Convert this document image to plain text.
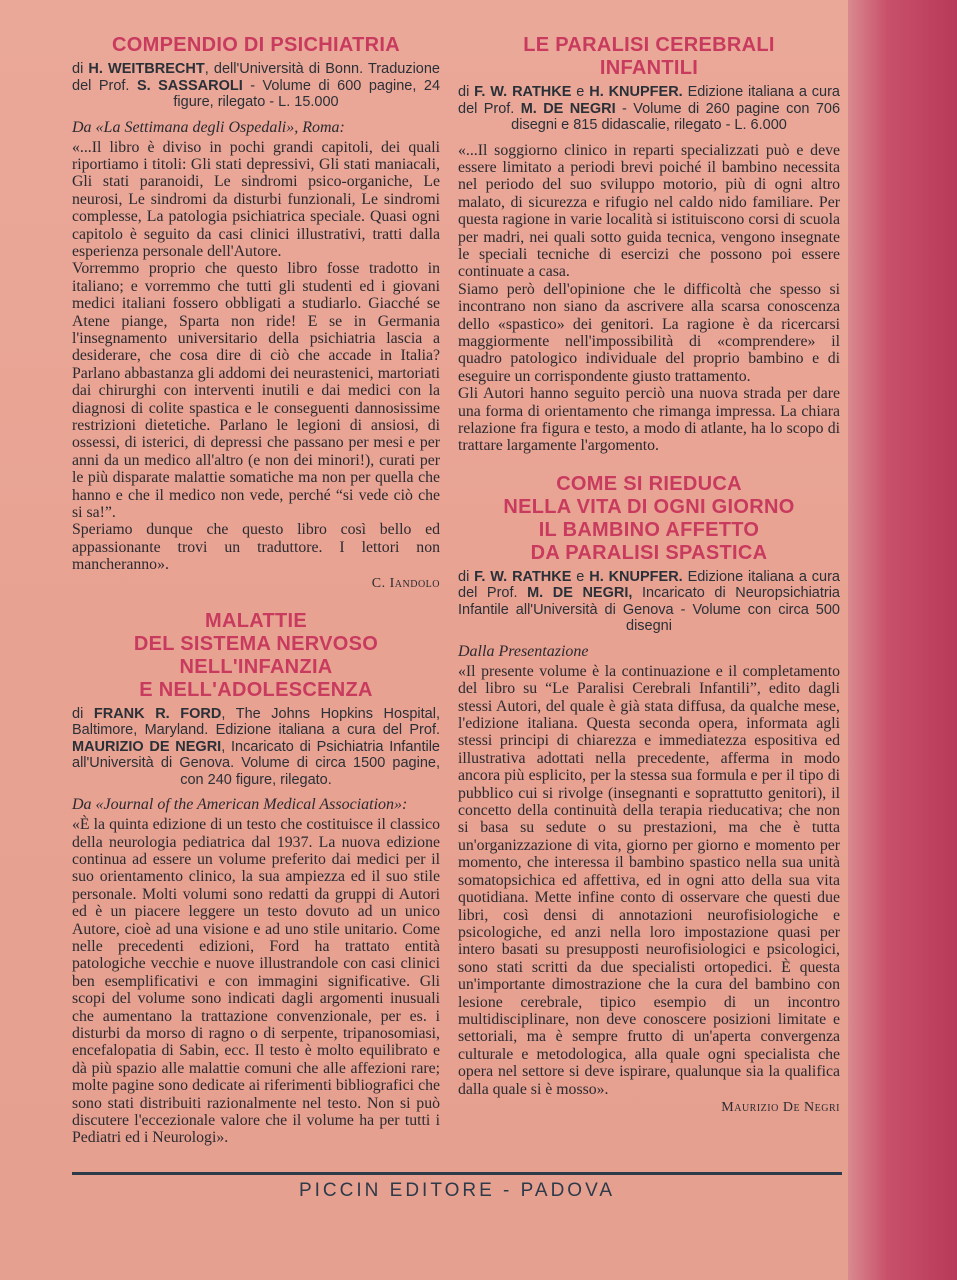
COMPENDIO DI PSICHIATRIA
di H. WEITBRECHT, dell'Università di Bonn. Traduzione del Prof. S. SASSAROLI - Volume di 600 pagine, 24 figure, rilegato - L. 15.000
Da «La Settimana degli Ospedali», Roma:

«...Il libro è diviso in pochi grandi capitoli, dei quali riportiamo i titoli: Gli stati depressivi, Gli stati maniacali, Gli stati paranoidi, Le sindromi psico-organiche, Le neurosi, Le sindromi da disturbi funzionali, Le sindromi complesse, La patologia psichiatrica speciale. Quasi ogni capitolo è seguito da casi clinici illustrativi, tratti dalla esperienza personale dell'Autore.

Vorremmo proprio che questo libro fosse tradotto in italiano; e vorremmo che tutti gli studenti ed i giovani medici italiani fossero obbligati a studiarlo. Giacché se Atene piange, Sparta non ride! E se in Germania l'insegnamento universitario della psichiatria lascia a desiderare, che cosa dire di ciò che accade in Italia? Parlano abbastanza gli addomi dei neurastenici, martoriati dai chirurghi con interventi inutili e dai medici con la diagnosi di colite spastica e le conseguenti dannosissime restrizioni dietetiche. Parlano le legioni di ansiosi, di ossessi, di isterici, di depressi che passano per mesi e per anni da un medico all'altro (e non dei minori!), curati per le più disparate malattie somatiche ma non per quella che hanno e che il medico non vede, perché “si vede ciò che si sa!”.

Speriamo dunque che questo libro così bello ed appassionante trovi un traduttore. I lettori non mancheranno».

C. Iandolo
MALATTIE
DEL SISTEMA NERVOSO
NELL'INFANZIA
E NELL'ADOLESCENZA
di FRANK R. FORD, The Johns Hopkins Hospital, Baltimore, Maryland. Edizione italiana a cura del Prof. MAURIZIO DE NEGRI, Incaricato di Psichiatria Infantile all'Università di Genova. Volume di circa 1500 pagine, con 240 figure, rilegato.
Da «Journal of the American Medical Association»:

«È la quinta edizione di un testo che costituisce il classico della neurologia pediatrica dal 1937. La nuova edizione continua ad essere un volume preferito dai medici per il suo orientamento clinico, la sua ampiezza ed il suo stile personale. Molti volumi sono redatti da gruppi di Autori ed è un piacere leggere un testo dovuto ad un unico Autore, cioè ad una visione e ad uno stile unitario. Come nelle precedenti edizioni, Ford ha trattato entità patologiche vecchie e nuove illustrandole con casi clinici ben esemplificativi e con immagini significative. Gli scopi del volume sono indicati dagli argomenti inusuali che aumentano la trattazione convenzionale, per es. i disturbi da morso di ragno o di serpente, tripanosomiasi, encefalopatia di Sabin, ecc. Il testo è molto equilibrato e dà più spazio alle malattie comuni che alle affezioni rare; molte pagine sono dedicate ai riferimenti bibliografici che sono stati distribuiti razionalmente nel testo. Non si può discutere l'eccezionale valore che il volume ha per tutti i Pediatri ed i Neurologi».

LE PARALISI CEREBRALI
INFANTILI
di F. W. RATHKE e H. KNUPFER. Edizione italiana a cura del Prof. M. DE NEGRI - Volume di 260 pagine con 706 disegni e 815 didascalie, rilegato - L. 6.000

«...Il soggiorno clinico in reparti specializzati può e deve essere limitato a periodi brevi poiché il bambino necessita nel periodo del suo sviluppo motorio, più di ogni altro malato, di sicurezza e rifugio nel caldo nido familiare. Per questa ragione in varie località si istituiscono corsi di scuola per madri, nei quali sotto guida tecnica, vengono insegnate le speciali tecniche di esercizi che possono poi essere continuate a casa.

Siamo però dell'opinione che le difficoltà che spesso si incontrano non siano da ascrivere alla scarsa conoscenza dello «spastico» dei genitori. La ragione è da ricercarsi maggiormente nell'impossibilità di «comprendere» il quadro patologico individuale del proprio bambino e di eseguire un corrispondente giusto trattamento.

Gli Autori hanno seguito perciò una nuova strada per dare una forma di orientamento che rimanga impressa. La chiara relazione fra figura e testo, a modo di atlante, ha lo scopo di trattare largamente l'argomento.

COME SI RIEDUCA
NELLA VITA DI OGNI GIORNO
IL BAMBINO AFFETTO
DA PARALISI SPASTICA
di F. W. RATHKE e H. KNUPFER. Edizione italiana a cura del Prof. M. DE NEGRI, Incaricato di Neuropsichiatria Infantile all'Università di Genova - Volume con circa 500 disegni
Dalla Presentazione

«Il presente volume è la continuazione e il completamento del libro su “Le Paralisi Cerebrali Infantili”, edito dagli stessi Autori, del quale è già stata diffusa, da qualche mese, l'edizione italiana. Questa seconda opera, informata agli stessi principi di chiarezza e immediatezza espositiva ed illustrativa adottati nella precedente, afferma in modo ancora più esplicito, per la stessa sua formula e per il tipo di pubblico cui si rivolge (insegnanti e soprattutto genitori), il concetto della continuità della terapia rieducativa; che non si basa su sedute o su prestazioni, ma che è tutta un'organizzazione di vita, giorno per giorno e momento per momento, che interessa il bambino spastico nella sua unità somatopsichica ed affettiva, ed in ogni atto della sua vita quotidiana. Mette infine conto di osservare che questi due libri, così densi di annotazioni neurofisiologiche e psicologiche, ed anzi nella loro impostazione quasi per intero basati su presupposti neurofisiologici e psicologici, sono stati scritti da due specialisti ortopedici. È questa un'importante dimostrazione che la cura del bambino con lesione cerebrale, tipico esempio di un incontro multidisciplinare, non deve conoscere posizioni limitate e settoriali, ma è sempre frutto di un'aperta convergenza culturale e metodologica, alla quale ogni specialista che opera nel settore si deve ispirare, qualunque sia la qualifica dalla quale si è mosso».

Maurizio De Negri
PICCIN EDITORE - PADOVA
